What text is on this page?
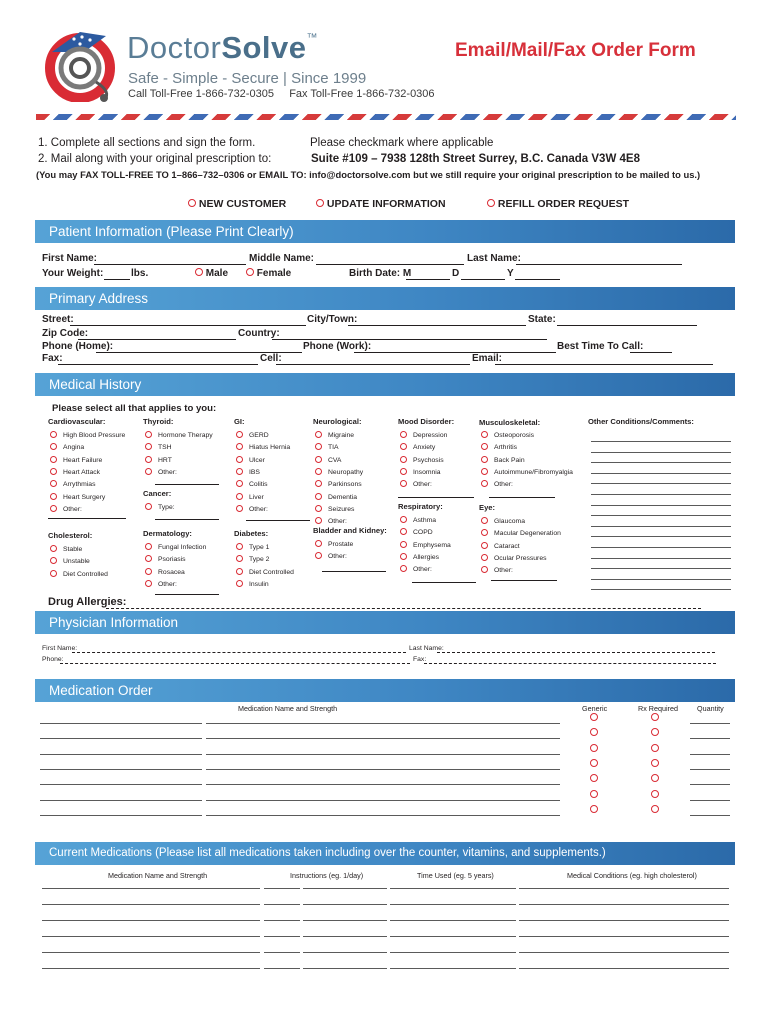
DoctorSolve™
Safe - Simple - Secure | Since 1999
Call Toll-Free 1-866-732-0305     Fax Toll-Free 1-866-732-0306
Email/Mail/Fax Order Form
1. Complete all sections and sign the form.	Please checkmark where applicable
2. Mail along with your original prescription to:	Suite #109 – 7938 128th Street Surrey, B.C. Canada V3W 4E8
(You may FAX TOLL-FREE TO 1–866–732–0306 or EMAIL TO: info@doctorsolve.com but we still require your original prescription to be mailed to us.)
NEW CUSTOMER	UPDATE INFORMATION	REFILL ORDER REQUEST
Patient Information (Please Print Clearly)
First Name:	Middle Name:	Last Name:
Your Weight:	lbs.	Male	Female	Birth Date: M	D	Y
Primary Address
Street:	City/Town:	State:
Zip Code:	Country:
Phone (Home):	Phone (Work):	Best Time To Call:
Fax:	Cell:	Email:
Medical History
Please select all that applies to you:
Cardiovascular:
High Blood Pressure
Angina
Heart Failure
Heart Attack
Arrythmias
Heart Surgery
Other:
Cholesterol:
Stable
Unstable
Diet Controlled
Thyroid:
Hormone Therapy
TSH
HRT
Other:
Cancer:
Type:
Dermatology:
Fungal Infection
Psoriasis
Rosacea
Other:
GI:
GERD
Hiatus Hernia
Ulcer
IBS
Colitis
Liver
Other:
Diabetes:
Type 1
Type 2
Diet Controlled
Insulin
Neurological:
Migraine
TIA
CVA
Neuropathy
Parkinsons
Dementia
Seizures
Other:
Bladder and Kidney:
Prostate
Other:
Mood Disorder:
Depression
Anxiety
Psychosis
Insomnia
Other:
Respiratory:
Asthma
COPD
Emphysema
Allergies
Other:
Musculoskeletal:
Osteoporosis
Arthritis
Back Pain
Autoimmune/Fibromyalgia
Other:
Eye:
Glaucoma
Macular Degeneration
Cataract
Ocular Pressures
Other:
Other Conditions/Comments:
Drug Allergies:
Physician Information
First Name:	Last Name:
Phone:	Fax:
Medication Order
Medication Name and Strength	Generic	Rx Required	Quantity
Current Medications (Please list all medications taken including over the counter, vitamins, and supplements.)
Medication Name and Strength	Instructions (eg. 1/day)	Time Used (eg. 5 years)	Medical Conditions (eg. high cholesterol)
